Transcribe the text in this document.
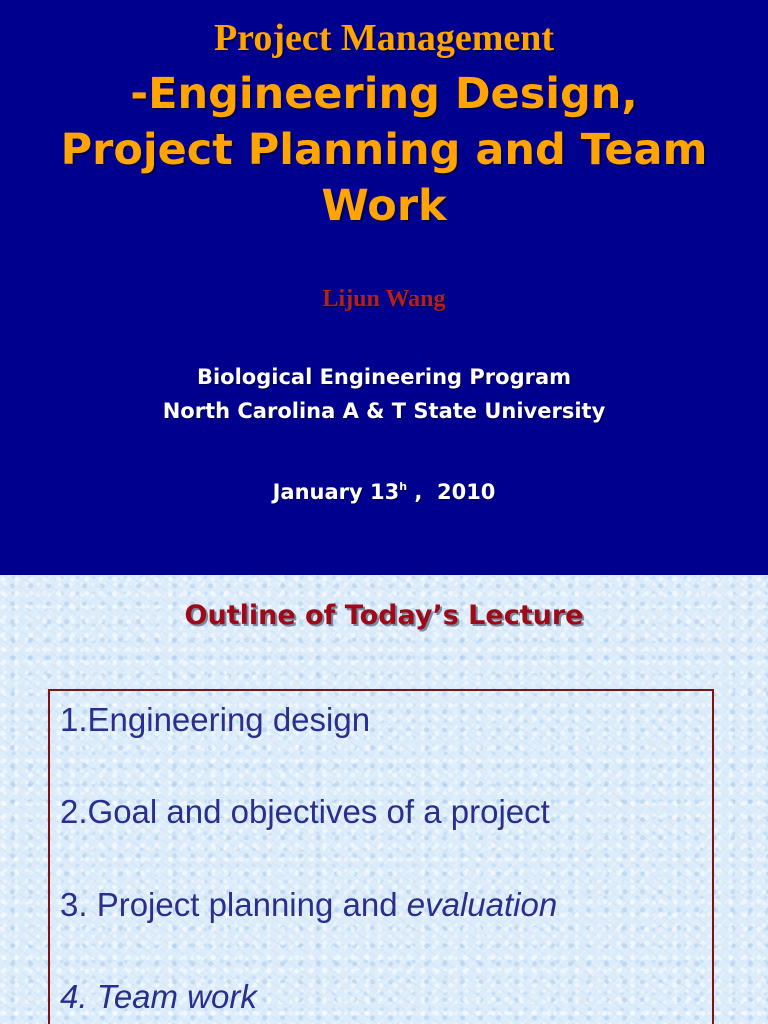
Project Management
-Engineering Design,
Project Planning and Team
Work
Lijun Wang
Biological Engineering Program
North Carolina A & T State University
January 13$^h$ ,  2010
Outline of Today’s Lecture
1.Engineering design
2.Goal and objectives of a project
3. Project planning and evaluation
4. Team work
